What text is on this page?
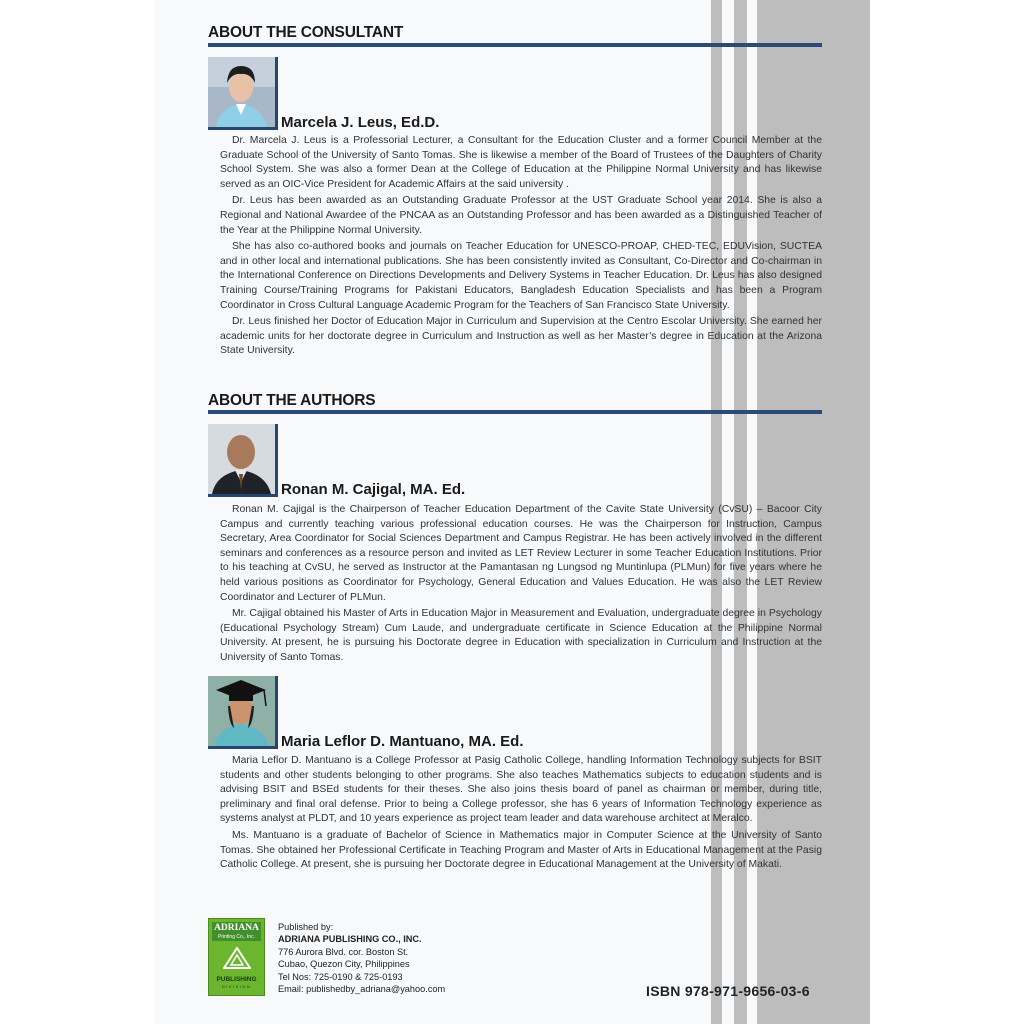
ABOUT THE CONSULTANT
Marcela J. Leus, Ed.D.

Dr. Marcela J. Leus is a Professorial Lecturer, a Consultant for the Education Cluster and a former Council Member at the Graduate School of the University of Santo Tomas. She is likewise a member of the Board of Trustees of the Daughters of Charity School System. She was also a former Dean at the College of Education at the Philippine Normal University and has likewise served as an OIC-Vice President for Academic Affairs at the said university .

Dr. Leus has been awarded as an Outstanding Graduate Professor at the UST Graduate School year 2014. She is also a Regional and National Awardee of the PNCAA as an Outstanding Professor and has been awarded as a Distinguished Teacher of the Year at the Philippine Normal University.

She has also co-authored books and journals on Teacher Education for UNESCO-PROAP, CHED-TEC, EDUVision, SUCTEA and in other local and international publications. She has been consistently invited as Consultant, Co-Director and Co-chairman in the International Conference on Directions Developments and Delivery Systems in Teacher Education. Dr. Leus has also designed Training Course/Training Programs for Pakistani Educators, Bangladesh Education Specialists and has been a Program Coordinator in Cross Cultural Language Academic Program for the Teachers of San Francisco State University.

Dr. Leus finished her Doctor of Education Major in Curriculum and Supervision at the Centro Escolar University. She earned her academic units for her doctorate degree in Curriculum and Instruction as well as her Master’s degree in Education at the Arizona State University.

ABOUT THE AUTHORS
Ronan M. Cajigal, MA. Ed.

Ronan M. Cajigal is the Chairperson of Teacher Education Department of the Cavite State University (CvSU) – Bacoor City Campus and currently teaching various professional education courses. He was the Chairperson for Instruction, Campus Secretary, Area Coordinator for Social Sciences Department and Campus Registrar. He has been actively involved in the different seminars and conferences as a resource person and invited as LET Review Lecturer in some Teacher Education Institutions. Prior to his teaching at CvSU, he served as Instructor at the Pamantasan ng Lungsod ng Muntinlupa (PLMun) for five years where he held various positions as Coordinator for Psychology, General Education and Values Education. He was also the LET Review Coordinator and Lecturer of PLMun.

Mr. Cajigal obtained his Master of Arts in Education Major in Measurement and Evaluation, undergraduate degree in Psychology (Educational Psychology Stream) Cum Laude, and undergraduate certificate in Science Education at the Philippine Normal University. At present, he is pursuing his Doctorate degree in Education with specialization in Curriculum and Instruction at the University of Santo Tomas.

Maria Leflor D. Mantuano, MA. Ed.

Maria Leflor D. Mantuano is a College Professor at Pasig Catholic College, handling Information Technology subjects for BSIT students and other students belonging to other programs. She also teaches Mathematics subjects to education students and is advising BSIT and BSEd students for their theses. She also joins thesis board of panel as chairman or member, during title, preliminary and final oral defense. Prior to being a College professor, she has 6 years of Information Technology experience as systems analyst at PLDT, and 10 years experience as project team leader and data warehouse architect at Meralco.

Ms. Mantuano is a graduate of Bachelor of Science in Mathematics major in Computer Science at the University of Santo Tomas. She obtained her Professional Certificate in Teaching Program and Master of Arts in Educational Management at the Pasig Catholic College. At present, she is pursuing her Doctorate degree in Educational Management at the University of Makati.

ADRIANA
Printing Co., Inc.
PUBLISHING
DIVISION
Published by:
ADRIANA PUBLISHING CO., INC.
776 Aurora Blvd. cor. Boston St.
Cubao, Quezon City, Philippines
Tel Nos: 725-0190 & 725-0193
Email: publishedby_adriana@yahoo.com	ISBN 978-971-9656-03-6
